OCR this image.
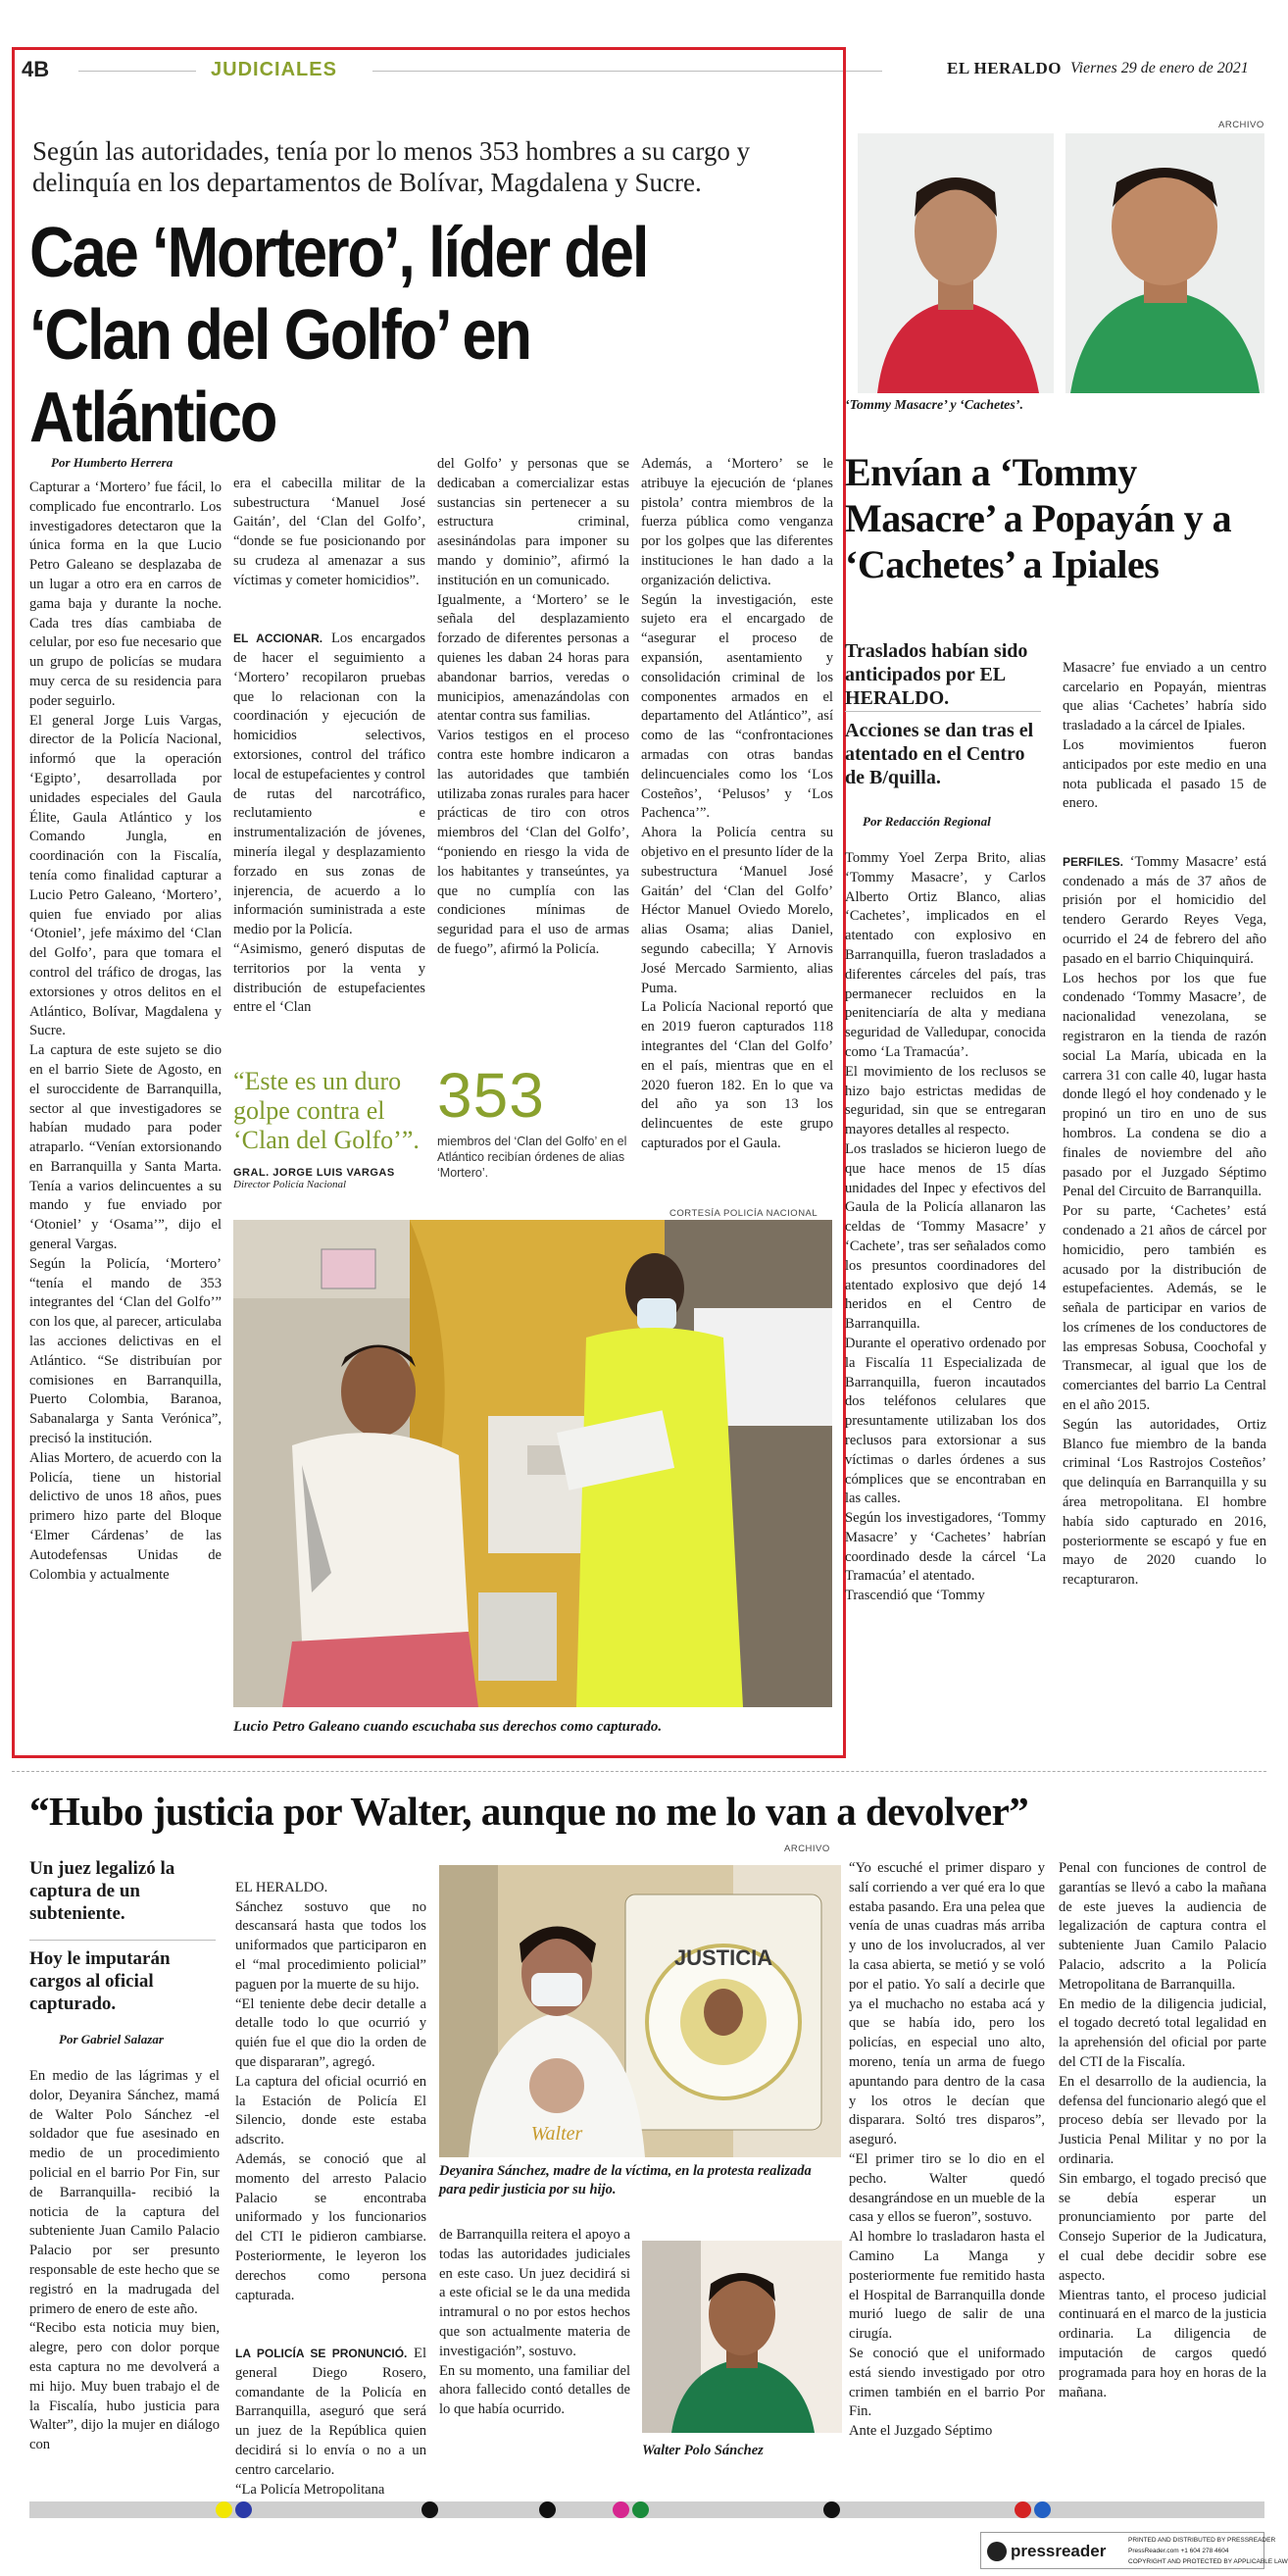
4B	JUDICIALES	EL HERALDO Viernes 29 de enero de 2021
Según las autoridades, tenía por lo menos 353 hombres a su cargo y delinquía en los departamentos de Bolívar, Magdalena y Sucre.
Cae ‘Mortero’, líder del
‘Clan del Golfo’ en Atlántico
Por Humberto Herrera
Capturar a ‘Mortero’ fue fácil, lo complicado fue encontrarlo. Los investigadores detectaron que la única forma en la que Lucio Petro Galeano se desplazaba de un lugar a otro era en carros de gama baja y durante la noche. Cada tres días cambiaba de celular, por eso fue necesario que un grupo de policías se mudara muy cerca de su residencia para poder seguirlo.
El general Jorge Luis Vargas, director de la Policía Nacional, informó que la operación ‘Egipto’, desarrollada por unidades especiales del Gaula Élite, Gaula Atlántico y los Comando Jungla, en coordinación con la Fiscalía, tenía como finalidad capturar a Lucio Petro Galeano, ‘Mortero’, quien fue enviado por alias ‘Otoniel’, jefe máximo del ‘Clan del Golfo’, para que tomara el control del tráfico de drogas, las extorsiones y otros delitos en el Atlántico, Bolívar, Magdalena y Sucre.
La captura de este sujeto se dio en el barrio Siete de Agosto, en el suroccidente de Barranquilla, sector al que investigadores se habían mudado para poder atraparlo. “Venían extorsionando en Barranquilla y Santa Marta. Tenía a varios delincuentes a su mando y fue enviado por ‘Otoniel’ y ‘Osama’”, dijo el general Vargas.
Según la Policía, ‘Mortero’ “tenía el mando de 353 integrantes del ‘Clan del Golfo’” con los que, al parecer, articulaba las acciones delictivas en el Atlántico. “Se distribuían por comisiones en Barranquilla, Puerto Colombia, Baranoa, Sabanalarga y Santa Verónica”, precisó la institución.
Alias Mortero, de acuerdo con la Policía, tiene un historial delictivo de unos 18 años, pues primero hizo parte del Bloque ‘Elmer Cárdenas’ de las Autodefensas Unidas de Colombia y actualmente

era el cabecilla militar de la subestructura ‘Manuel José Gaitán’, del ‘Clan del Golfo’, “donde se fue posicionando por su crudeza al amenazar a sus víctimas y cometer homicidios”.

EL ACCIONAR. Los encargados de hacer el seguimiento a ‘Mortero’ recopilaron pruebas que lo relacionan con la coordinación y ejecución de homicidios selectivos, extorsiones, control del tráfico local de estupefacientes y control de rutas del narcotráfico, reclutamiento e instrumentalización de jóvenes, minería ilegal y desplazamiento forzado en sus zonas de injerencia, de acuerdo a lo información suministrada a este medio por la Policía.
“Asimismo, generó disputas de territorios por la venta y distribución de estupefacientes entre el ‘Clan

del Golfo’ y personas que se dedicaban a comercializar estas sustancias sin pertenecer a su estructura criminal, asesinándolas para imponer su mando y dominio”, afirmó la institución en un comunicado.
Igualmente, a ‘Mortero’ se le señala del desplazamiento forzado de diferentes personas a quienes les daban 24 horas para abandonar barrios, veredas o municipios, amenazándolas con atentar contra sus familias.
Varios testigos en el proceso contra este hombre indicaron a las autoridades que también utilizaba zonas rurales para hacer prácticas de tiro con otros miembros del ‘Clan del Golfo’, “poniendo en riesgo la vida de los habitantes y transeúntes, ya que no cumplía con las condiciones mínimas de seguridad para el uso de armas de fuego”, afirmó la Policía.
Además, a ‘Mortero’ se le atribuye la ejecución de ‘planes pistola’ contra miembros de la fuerza pública como venganza por los golpes que las diferentes instituciones le han dado a la organización delictiva.
Según la investigación, este sujeto era el encargado de “asegurar el proceso de expansión, asentamiento y consolidación criminal de los componentes armados en el departamento del Atlántico”, así como de las “confrontaciones armadas con otras bandas delincuenciales como los ‘Los Costeños’, ‘Pelusos’ y ‘Los Pachenca’”.
Ahora la Policía centra su objetivo en el presunto líder de la subestructura ‘Manuel José Gaitán’ del ‘Clan del Golfo’ Héctor Manuel Oviedo Morelo, alias Osama; alias Daniel, segundo cabecilla; Y Arnovis José Mercado Sarmiento, alias Puma.
La Policía Nacional reportó que en 2019 fueron capturados 118 integrantes del ‘Clan del Golfo’ en el país, mientras que en el 2020 fueron 182. En lo que va del año ya son 13 los delincuentes de este grupo capturados por el Gaula.
“Este es un duro golpe contra el ‘Clan del Golfo’”.
GRAL. JORGE LUIS VARGAS
Director Policía Nacional
353
miembros del ‘Clan del Golfo’ en el Atlántico recibían órdenes de alias ‘Mortero’.
CORTESÍA POLICÍA NACIONAL
Lucio Petro Galeano cuando escuchaba sus derechos como capturado.
ARCHIVO
‘Tommy Masacre’ y ‘Cachetes’.
Envían a ‘Tommy Masacre’ a Popayán y a ‘Cachetes’ a Ipiales
Traslados habían sido anticipados por EL HERALDO.
Acciones se dan tras el atentado en el Centro de B/quilla.
Por Redacción Regional
Tommy Yoel Zerpa Brito, alias ‘Tommy Masacre’, y Carlos Alberto Ortiz Blanco, alias ‘Cachetes’, implicados en el atentado con explosivo en Barranquilla, fueron trasladados a diferentes cárceles del país, tras permanecer recluidos en la penitenciaría de alta y mediana seguridad de Valledupar, conocida como ‘La Tramacúa’.
El movimiento de los reclusos se hizo bajo estrictas medidas de seguridad, sin que se entregaran mayores detalles al respecto.
Los traslados se hicieron luego de que hace menos de 15 días unidades del Inpec y efectivos del Gaula de la Policía allanaron las celdas de ‘Tommy Masacre’ y ‘Cachete’, tras ser señalados como los presuntos coordinadores del atentado explosivo que dejó 14 heridos en el Centro de Barranquilla.
Durante el operativo ordenado por la Fiscalía 11 Especializada de Barranquilla, fueron incautados dos teléfonos celulares que presuntamente utilizaban los dos reclusos para extorsionar a sus víctimas o darles órdenes a sus cómplices que se encontraban en las calles.
Según los investigadores, ‘Tommy Masacre’ y ‘Cachetes’ habrían coordinado desde la cárcel ‘La Tramacúa’ el atentado.
Trascendió que ‘Tommy

Masacre’ fue enviado a un centro carcelario en Popayán, mientras que alias ‘Cachetes’ habría sido trasladado a la cárcel de Ipiales.
Los movimientos fueron anticipados por este medio en una nota publicada el pasado 15 de enero.

PERFILES. ‘Tommy Masacre’ está condenado a más de 37 años de prisión por el homicidio del tendero Gerardo Reyes Vega, ocurrido el 24 de febrero del año pasado en el barrio Chiquinquirá.
Los hechos por los que fue condenado ‘Tommy Masacre’, de nacionalidad venezolana, se registraron en la tienda de razón social La María, ubicada en la carrera 31 con calle 40, lugar hasta donde llegó el hoy condenado y le propinó un tiro en uno de sus hombros. La condena se dio a finales de noviembre del año pasado por el Juzgado Séptimo Penal del Circuito de Barranquilla.
Por su parte, ‘Cachetes’ está condenado a 21 años de cárcel por homicidio, pero también es acusado por la distribución de estupefacientes. Además, se le señala de participar en varios de los crímenes de los conductores de las empresas Sobusa, Coochofal y Transmecar, al igual que los de comerciantes del barrio La Central en el año 2015.
Según las autoridades, Ortiz Blanco fue miembro de la banda criminal ‘Los Rastrojos Costeños’ que delinquía en Barranquilla y su área metropolitana. El hombre había sido capturado en 2016, posteriormente se escapó y fue en mayo de 2020 cuando lo recapturaron.

“Hubo justicia por Walter, aunque no me lo van a devolver”
ARCHIVO
Un juez legalizó la captura de un subteniente.
Hoy le imputarán cargos al oficial capturado.
Por Gabriel Salazar
En medio de las lágrimas y el dolor, Deyanira Sánchez, mamá de Walter Polo Sánchez -el soldador que fue asesinado en medio de un procedimiento policial en el barrio Por Fin, sur de Barranquilla- recibió la noticia de la captura del subteniente Juan Camilo Palacio Palacio por ser presunto responsable de este hecho que se registró en la madrugada del primero de enero de este año.
“Recibo esta noticia muy bien, alegre, pero con dolor porque esta captura no me devolverá a mi hijo. Muy buen trabajo el de la Fiscalía, hubo justicia para Walter”, dijo la mujer en diálogo con

EL HERALDO.
Sánchez sostuvo que no descansará hasta que todos los uniformados que participaron en el “mal procedimiento policial” paguen por la muerte de su hijo.
“El teniente debe decir detalle a detalle todo lo que ocurrió y quién fue el que dio la orden de que dispararan”, agregó.
La captura del oficial ocurrió en la Estación de Policía El Silencio, donde este estaba adscrito.
Además, se conoció que al momento del arresto Palacio Palacio se encontraba uniformado y los funcionarios del CTI le pidieron cambiarse. Posteriormente, le leyeron los derechos como persona capturada.

LA POLICÍA SE PRONUNCIÓ. El general Diego Rosero, comandante de la Policía en Barranquilla, aseguró que será un juez de la República quien decidirá si lo envía o no a un centro carcelario.
“La Policía Metropolitana

JUSTICIA
Walter
Deyanira Sánchez, madre de la víctima, en la protesta realizada para pedir justicia por su hijo.
de Barranquilla reitera el apoyo a todas las autoridades judiciales en este caso. Un juez decidirá si a este oficial se le da una medida intramural o no por estos hechos que son actualmente materia de investigación”, sostuvo.
En su momento, una familiar del ahora fallecido contó detalles de lo que había ocurrido.
Walter Polo Sánchez
“Yo escuché el primer disparo y salí corriendo a ver qué era lo que estaba pasando. Era una pelea que venía de unas cuadras más arriba y uno de los involucrados, al ver la casa abierta, se metió y se voló por el patio. Yo salí a decirle que ya el muchacho no estaba acá y que se había ido, pero los policías, en especial uno alto, moreno, tenía un arma de fuego apuntando para dentro de la casa y los otros le decían que disparara. Soltó tres disparos”, aseguró.
“El primer tiro se lo dio en el pecho. Walter quedó desangrándose en un mueble de la casa y ellos se fueron”, sostuvo.
Al hombre lo trasladaron hasta el Camino La Manga y posteriormente fue remitido hasta el Hospital de Barranquilla donde murió luego de salir de una cirugía.
Se conoció que el uniformado está siendo investigado por otro crimen también en el barrio Por Fin.
Ante el Juzgado Séptimo
Penal con funciones de control de garantías se llevó a cabo la mañana de este jueves la audiencia de legalización de captura contra el subteniente Juan Camilo Palacio Palacio, adscrito a la Policía Metropolitana de Barranquilla.
En medio de la diligencia judicial, el togado decretó total legalidad en la aprehensión del oficial por parte del CTI de la Fiscalía.
En el desarrollo de la audiencia, la defensa del funcionario alegó que el proceso debía ser llevado por la Justicia Penal Militar y no por la ordinaria.
Sin embargo, el togado precisó que se debía esperar un pronunciamiento por parte del Consejo Superior de la Judicatura, el cual debe decidir sobre ese aspecto.
Mientras tanto, el proceso judicial continuará en el marco de la justicia ordinaria. La diligencia de imputación de cargos quedó programada para hoy en horas de la mañana.
pressreader
PRINTED AND DISTRIBUTED BY PRESSREADER
PressReader.com +1 604 278 4604
COPYRIGHT AND PROTECTED BY APPLICABLE LAW
